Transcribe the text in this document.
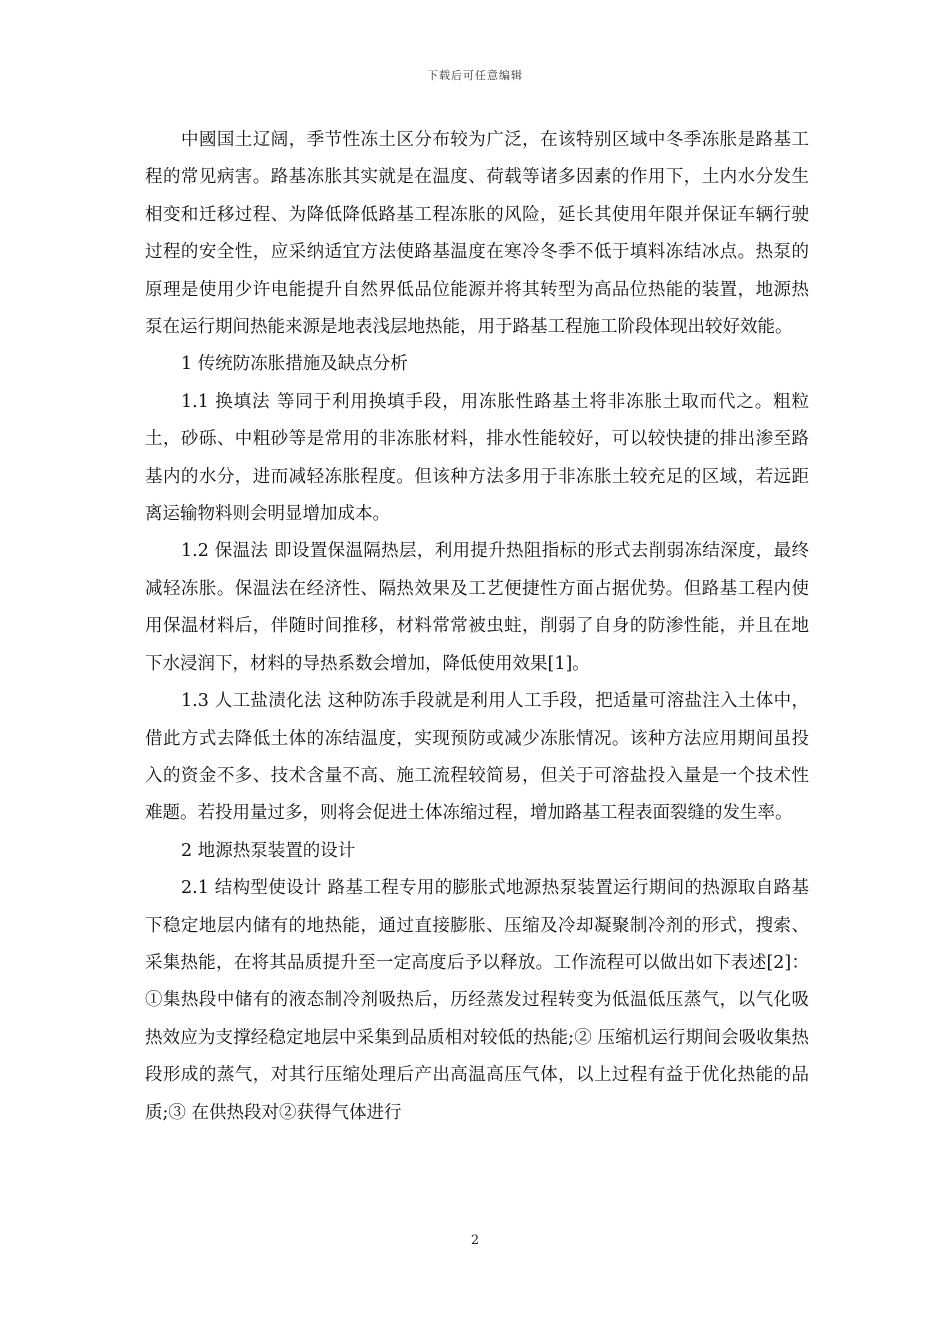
下载后可任意编辑

中國国土辽阔，季节性冻土区分布较为广泛，在该特别区域中冬季冻胀是路基工程的常见病害。路基冻胀其实就是在温度、荷载等诸多因素的作用下，土内水分发生相变和迁移过程、为降低降低路基工程冻胀的风险，延长其使用年限并保证车辆行驶过程的安全性，应采纳适宜方法使路基温度在寒冷冬季不低于填料冻结冰点。热泵的原理是使用少许电能提升自然界低品位能源并将其转型为高品位热能的装置，地源热泵在运行期间热能来源是地表浅层地热能，用于路基工程施工阶段体现出较好效能。

1 传统防冻胀措施及缺点分析

1.1 换填法 等同于利用换填手段，用冻胀性路基土将非冻胀土取而代之。粗粒土，砂砾、中粗砂等是常用的非冻胀材料，排水性能较好，可以较快捷的排出渗至路基内的水分，进而减轻冻胀程度。但该种方法多用于非冻胀土较充足的区域，若远距离运输物料则会明显增加成本。

1.2 保温法 即设置保温隔热层，利用提升热阻指标的形式去削弱冻结深度，最终减轻冻胀。保温法在经济性、隔热效果及工艺便捷性方面占据优势。但路基工程内使用保温材料后，伴随时间推移，材料常常被虫蛀，削弱了自身的防渗性能，并且在地下水浸润下，材料的导热系数会增加，降低使用效果[1]。

1.3 人工盐渍化法 这种防冻手段就是利用人工手段，把适量可溶盐注入土体中，借此方式去降低土体的冻结温度，实现预防或减少冻胀情况。该种方法应用期间虽投入的资金不多、技术含量不高、施工流程较简易，但关于可溶盐投入量是一个技术性难题。若投用量过多，则将会促进土体冻缩过程，增加路基工程表面裂缝的发生率。

2 地源热泵装置的设计

2.1 结构型使设计 路基工程专用的膨胀式地源热泵装置运行期间的热源取自路基下稳定地层内储有的地热能，通过直接膨胀、压缩及冷却凝聚制冷剂的形式，搜索、采集热能，在将其品质提升至一定高度后予以释放。工作流程可以做出如下表述[2]：①集热段中储有的液态制冷剂吸热后，历经蒸发过程转变为低温低压蒸气，以气化吸热效应为支撑经稳定地层中采集到品质相对较低的热能;② 压缩机运行期间会吸收集热段形成的蒸气，对其行压缩处理后产出高温高压气体，以上过程有益于优化热能的品质;③ 在供热段对②获得气体进行

2
